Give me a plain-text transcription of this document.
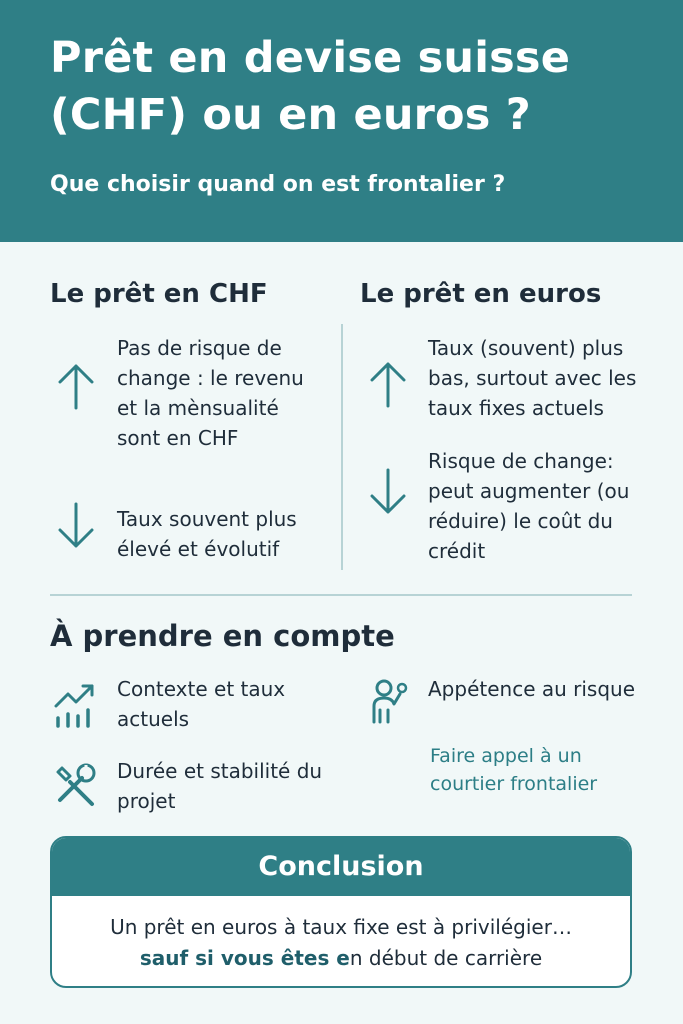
Prêt en devise suisse (CHF) ou en euros ?

Que choisir quand on est frontalier ?

Le prêt en CHF	Le prêt en euros

Pas de risque de change : le revenu et la mènsualité sont en CHF

Taux souvent plus élevé et évolutif

Taux (souvent) plus bas, surtout avec les taux fixes actuels

Risque de change: peut augmenter (ou réduire) le coût du crédit

À prendre en compte

Contexte et taux actuels

Durée et stabilité du projet

Appétence au risque

Faire appel à un courtier frontalier

Conclusion
Un prêt en euros à taux fixe est à privilégier…
sauf si vous êtes en début de carrière
